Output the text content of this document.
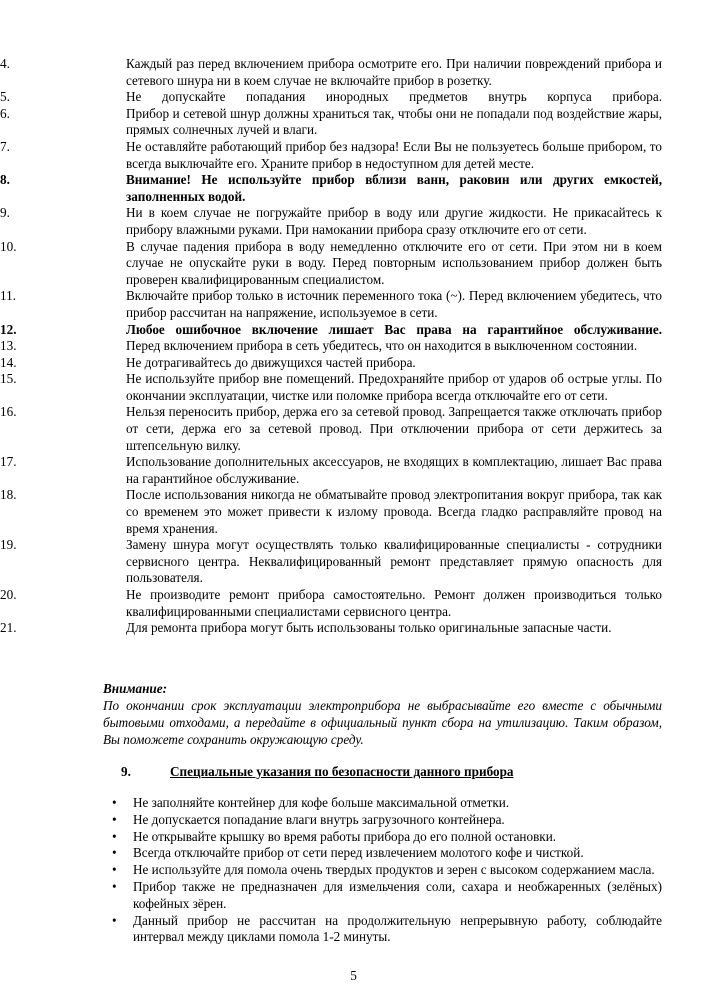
4.	Каждый раз перед включением прибора осмотрите его. При наличии повреждений прибора и сетевого шнура ни в коем случае не включайте прибор в розетку.
5.	Не допускайте попадания инородных предметов внутрь корпуса прибора.
6.	Прибор и сетевой шнур должны храниться так, чтобы они не попадали под воздействие жары, прямых солнечных лучей и влаги.
7.	Не оставляйте работающий прибор без надзора! Если Вы не пользуетесь больше прибором, то всегда выключайте его. Храните прибор в недоступном для детей месте.
8.	Внимание! Не используйте прибор вблизи ванн, раковин или других емкостей, заполненных водой.
9.	Ни в коем случае не погружайте прибор в воду или другие жидкости. Не прикасайтесь к прибору влажными руками. При намокании прибора сразу отключите его от сети.
10.	В случае падения прибора в воду немедленно отключите его от сети. При этом ни в коем случае не опускайте руки в воду. Перед повторным использованием прибор должен быть проверен квалифицированным специалистом.
11.	Включайте прибор только в источник переменного тока (~). Перед включением убедитесь, что прибор рассчитан на напряжение, используемое в сети.
12.	Любое ошибочное включение лишает Вас права на гарантийное обслуживание.
13.	Перед включением прибора в сеть убедитесь, что он находится в выключенном состоянии.
14.	Не дотрагивайтесь до движущихся частей прибора.
15.	Не используйте прибор вне помещений. Предохраняйте прибор от ударов об острые углы. По окончании эксплуатации, чистке или поломке прибора всегда отключайте его от сети.
16.	Нельзя переносить прибор, держа его за сетевой провод. Запрещается также отключать прибор от сети, держа его за сетевой провод. При отключении прибора от сети держитесь за штепсельную вилку.
17.	Использование дополнительных аксессуаров, не входящих в комплектацию, лишает Вас права на гарантийное обслуживание.
18.	После использования никогда не обматывайте провод электропитания вокруг прибора, так как со временем это может привести к излому провода. Всегда гладко расправляйте провод на время хранения.
19.	Замену шнура могут осуществлять только квалифицированные специалисты - сотрудники сервисного центра. Неквалифицированный ремонт представляет прямую опасность для пользователя.
20.	Не производите ремонт прибора самостоятельно. Ремонт должен производиться только квалифицированными специалистами сервисного центра.
21.	Для ремонта прибора могут быть использованы только оригинальные запасные части.
Внимание:
По окончании срок эксплуатации электроприбора не выбрасывайте его вместе с обычными бытовыми отходами, а передайте в официальный пункт сбора на утилизацию. Таким образом, Вы поможете сохранить окружающую среду.
9.	Специальные указания по безопасности данного прибора
• Не заполняйте контейнер для кофе больше максимальной отметки.
• Не допускается попадание влаги внутрь загрузочного контейнера.
• Не открывайте крышку во время работы прибора до его полной остановки.
• Всегда отключайте прибор от сети перед извлечением молотого кофе и чисткой.
• Не используйте для помола очень твердых продуктов и зерен с высоком содержанием масла.
• Прибор также не предназначен для измельчения соли, сахара и необжаренных (зелёных) кофейных зёрен.
• Данный прибор не рассчитан на продолжительную непрерывную работу, соблюдайте интервал между циклами помола 1-2 минуты.
5
